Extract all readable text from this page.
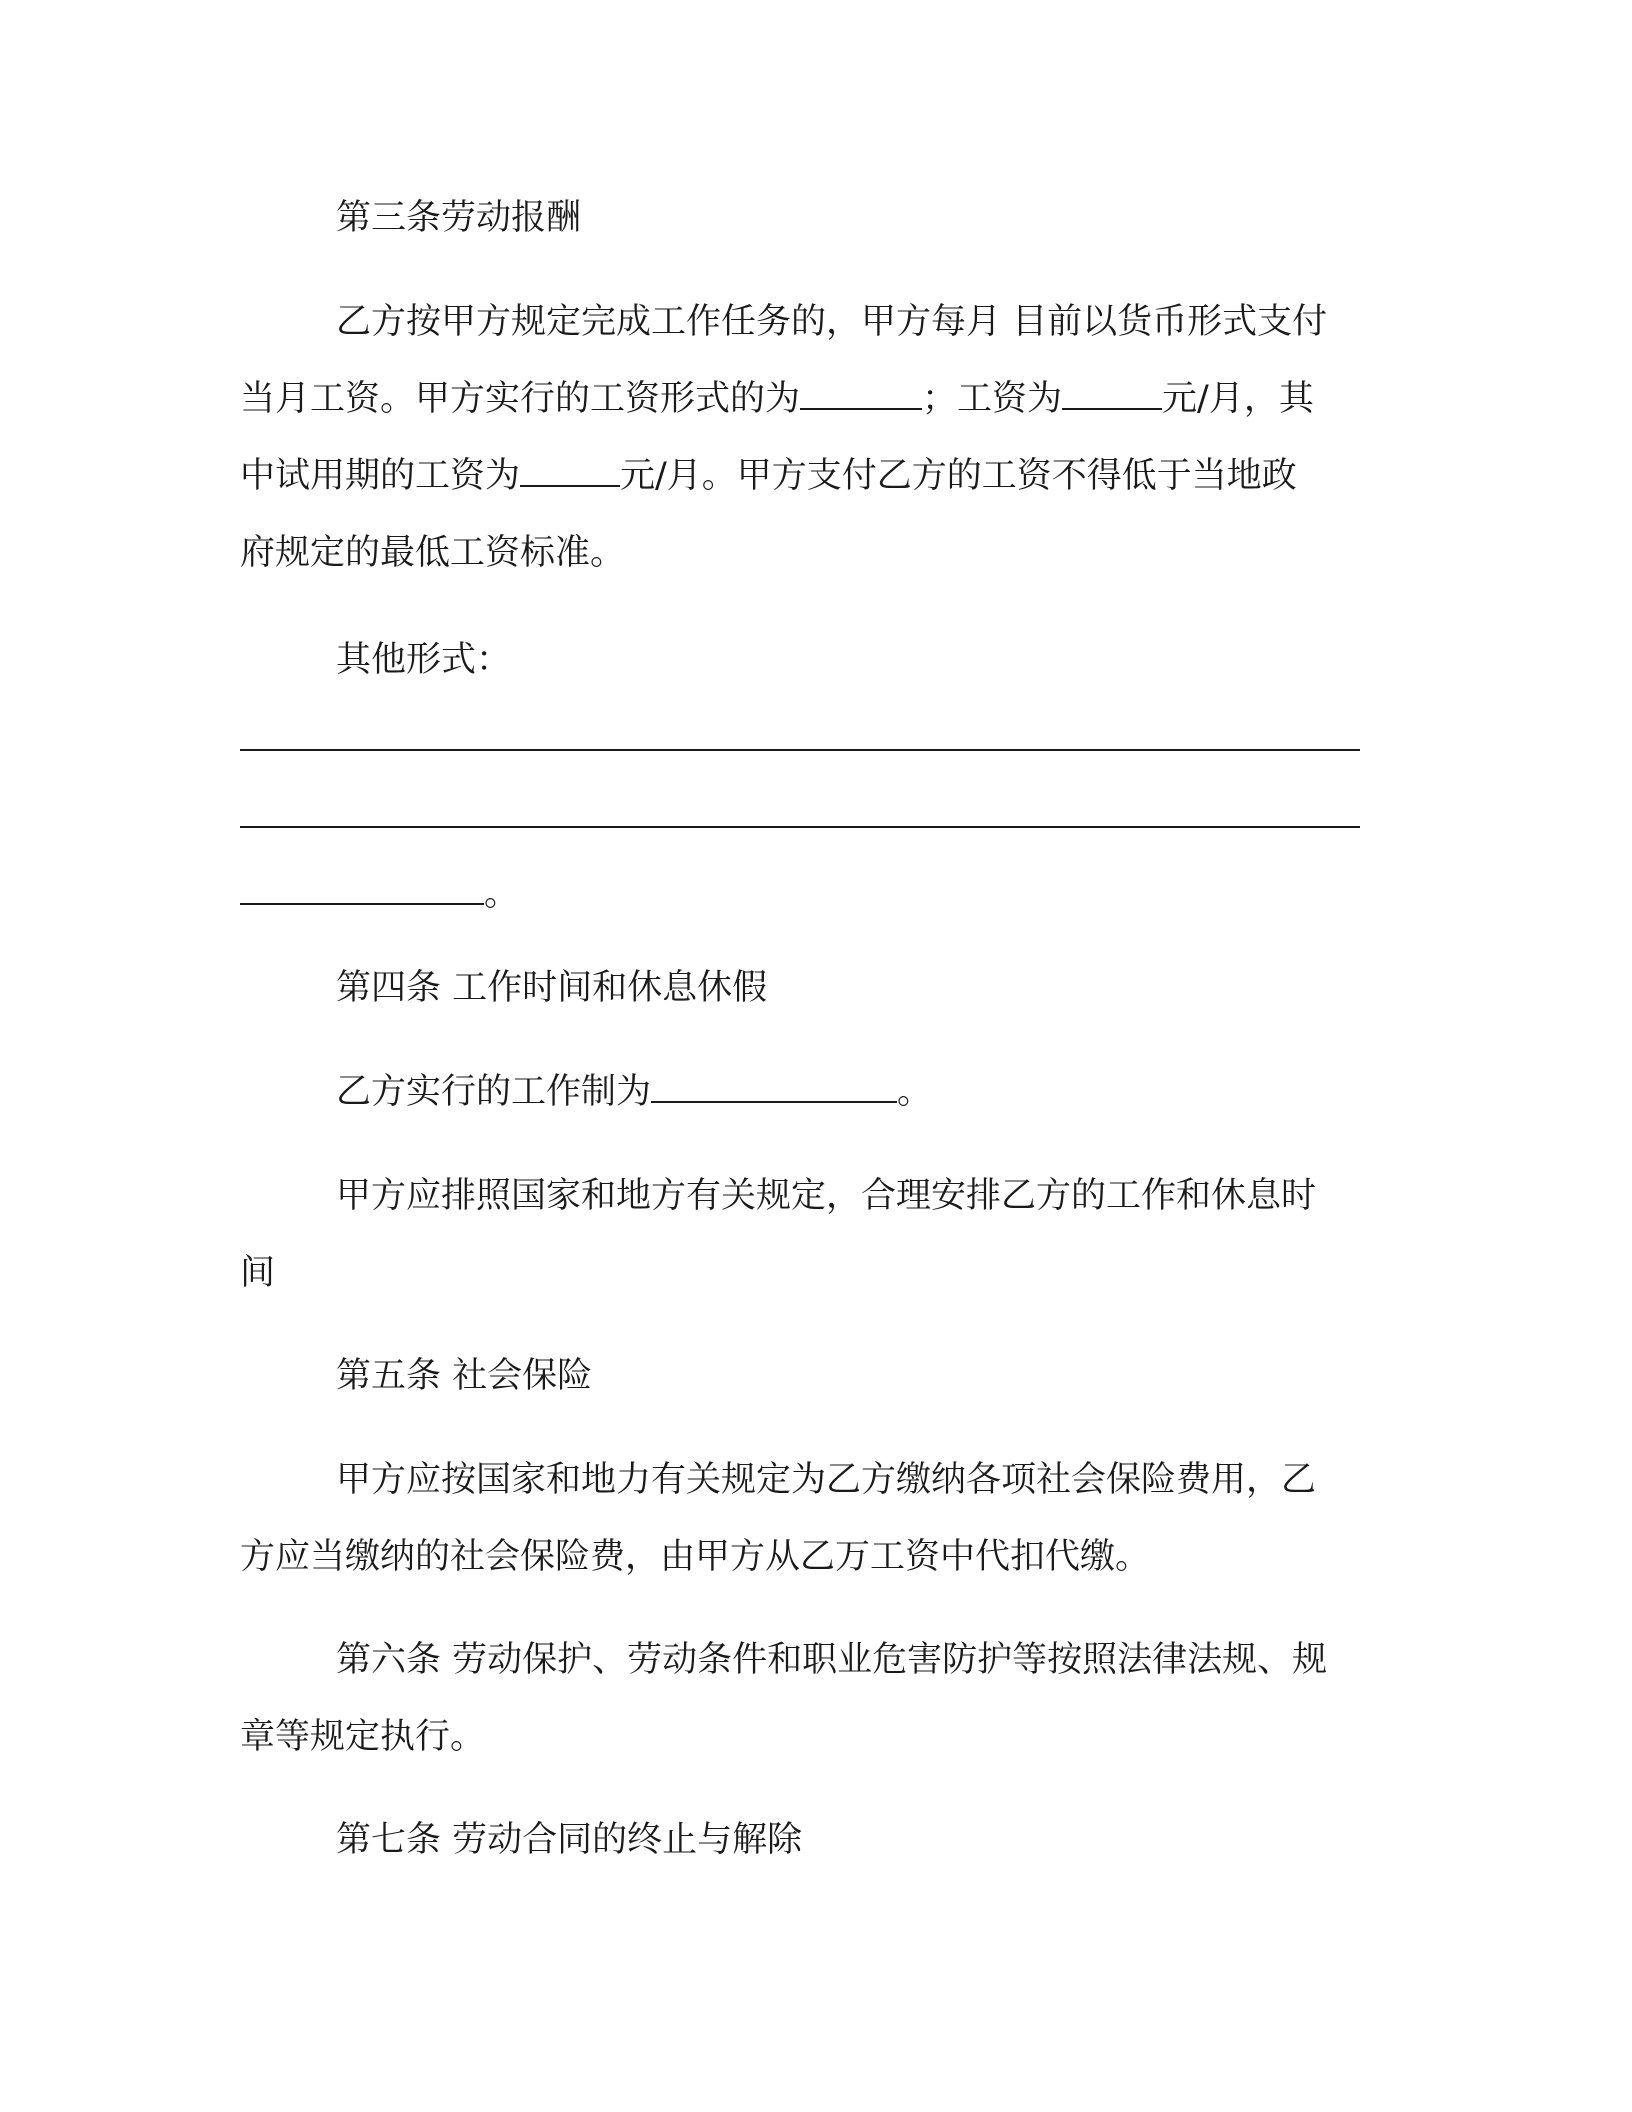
第三条劳动报酬

乙方按甲方规定完成工作任务的，甲方每月 目前以货币形式支付
当月工资。甲方实行的工资形式的为	；工资为	元/月，其
中试用期的工资为	元/月。甲方支付乙方的工资不得低于当地政
府规定的最低工资标准。

其他形式：

。

第四条 工作时间和休息休假

乙方实行的工作制为	。

甲方应排照国家和地方有关规定，合理安排乙方的工作和休息时
间

第五条 社会保险

甲方应按国家和地力有关规定为乙方缴纳各项社会保险费用，乙
方应当缴纳的社会保险费，由甲方从乙万工资中代扣代缴。
第六条 劳动保护、劳动条件和职业危害防护等按照法律法规、规
章等规定执行。

第七条 劳动合同的终止与解除
